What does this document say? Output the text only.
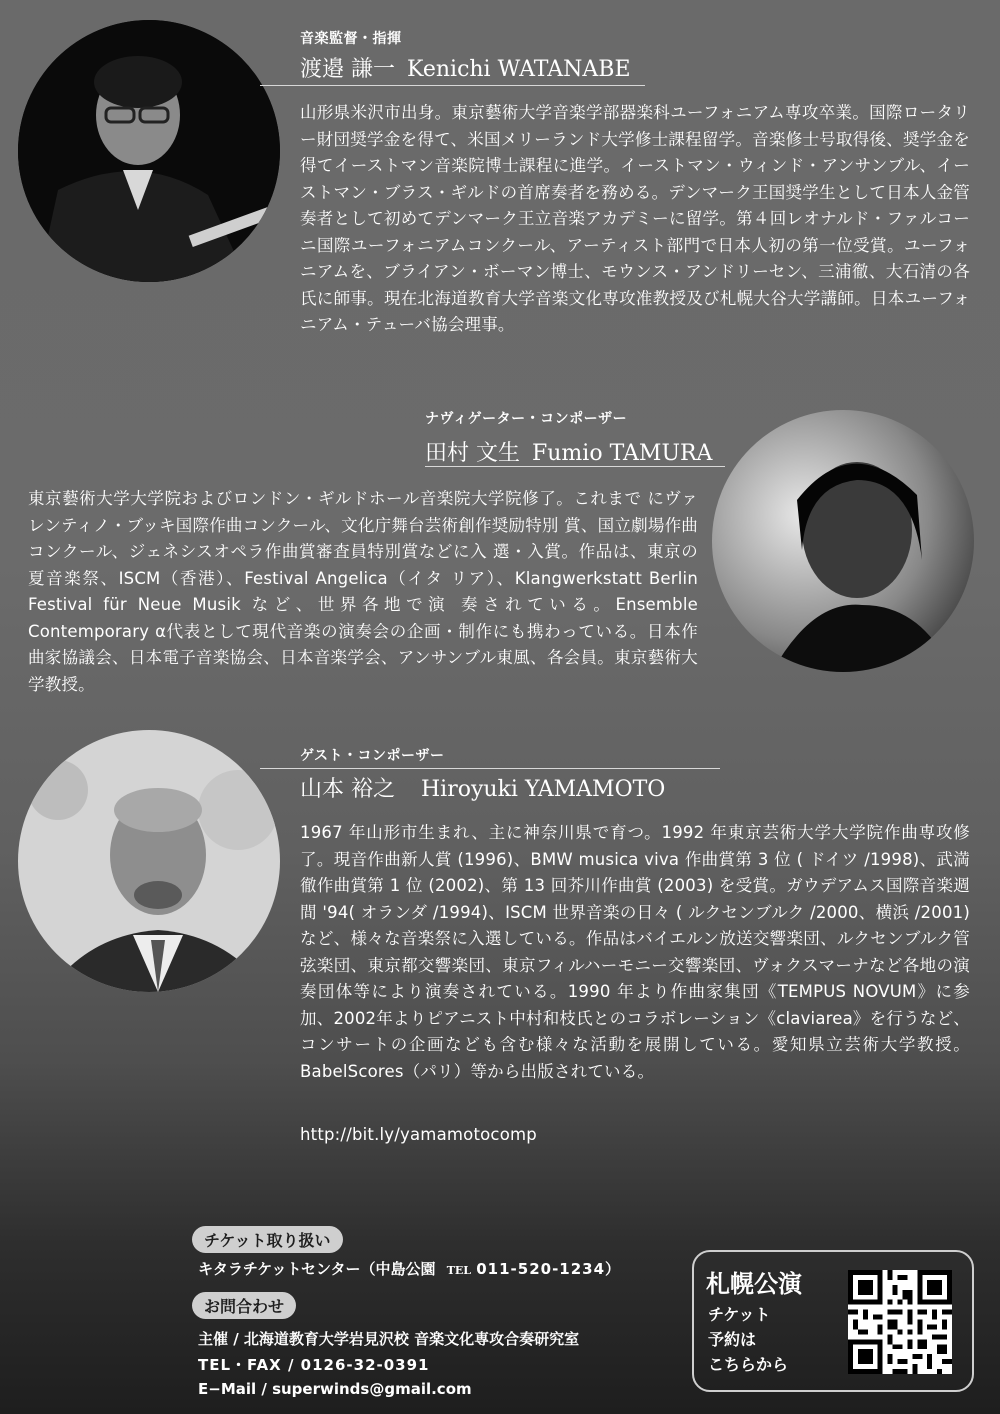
音楽監督・指揮
渡邉 謙一 Kenichi WATANABE
山形県米沢市出身。東京藝術大学音楽学部器楽科ユーフォニアム専攻卒業。国際ロータリー財団奨学金を得て、米国メリーランド大学修士課程留学。音楽修士号取得後、奨学金を得てイーストマン音楽院博士課程に進学。イーストマン・ウィンド・アンサンブル、イーストマン・ブラス・ギルドの首席奏者を務める。デンマーク王国奨学生として日本人金管奏者として初めてデンマーク王立音楽アカデミーに留学。第４回レオナルド・ファルコーニ国際ユーフォニアムコンクール、アーティスト部門で日本人初の第一位受賞。ユーフォニアムを、ブライアン・ボーマン博士、モウンス・アンドリーセン、三浦徹、大石清の各氏に師事。現在北海道教育大学音楽文化専攻准教授及び札幌大谷大学講師。日本ユーフォニアム・テューバ協会理事。
ナヴィゲーター・コンポーザー
田村 文生 Fumio TAMURA
東京藝術大学大学院およびロンドン・ギルドホール音楽院大学院修了。これまで にヴァレンティノ・ブッキ国際作曲コンクール、文化庁舞台芸術創作奨励特別 賞、国立劇場作曲コンクール、ジェネシスオペラ作曲賞審査員特別賞などに入 選・入賞。作品は、東京の夏音楽祭、ISCM（香港）、Festival Angelica（イタ リア）、Klangwerkstatt Berlin Festival für Neue Musik など、世界各地で演 奏されている。Ensemble Contemporary α代表として現代音楽の演奏会の企画・制作にも携わっている。日本作曲家協議会、日本電子音楽協会、日本音楽学会、アンサンブル東風、各会員。東京藝術大学教授。
ゲスト・コンポーザー
山本 裕之 Hiroyuki YAMAMOTO
1967 年山形市生まれ、主に神奈川県で育つ。1992 年東京芸術大学大学院作曲専攻修了。現音作曲新人賞 (1996)、BMW musica viva 作曲賞第 3 位 ( ドイツ /1998)、武満徹作曲賞第 1 位 (2002)、第 13 回芥川作曲賞 (2003) を受賞。ガウデアムス国際音楽週間 '94( オランダ /1994)、ISCM 世界音楽の日々 ( ルクセンブルク /2000、横浜 /2001) など、様々な音楽祭に入選している。作品はバイエルン放送交響楽団、ルクセンブルク管弦楽団、東京都交響楽団、東京フィルハーモニー交響楽団、ヴォクスマーナなど各地の演奏団体等により演奏されている。1990 年より作曲家集団《TEMPUS NOVUM》に参加、2002年よりピアニスト中村和枝氏とのコラボレーション《claviarea》を行うなど、コンサートの企画なども含む様々な活動を展開している。愛知県立芸術大学教授。BabelScores（パリ）等から出版されている。
http://bit.ly/yamamotocomp
チケット取り扱い
キタラチケットセンター（中島公園 TEL 011-520-1234）
お問合わせ
主催 / 北海道教育大学岩見沢校 音楽文化専攻合奏研究室
TEL・FAX / 0126-32-0391
E−Mail / superwinds@gmail.com
札幌公演
チケット
予約は
こちらから
